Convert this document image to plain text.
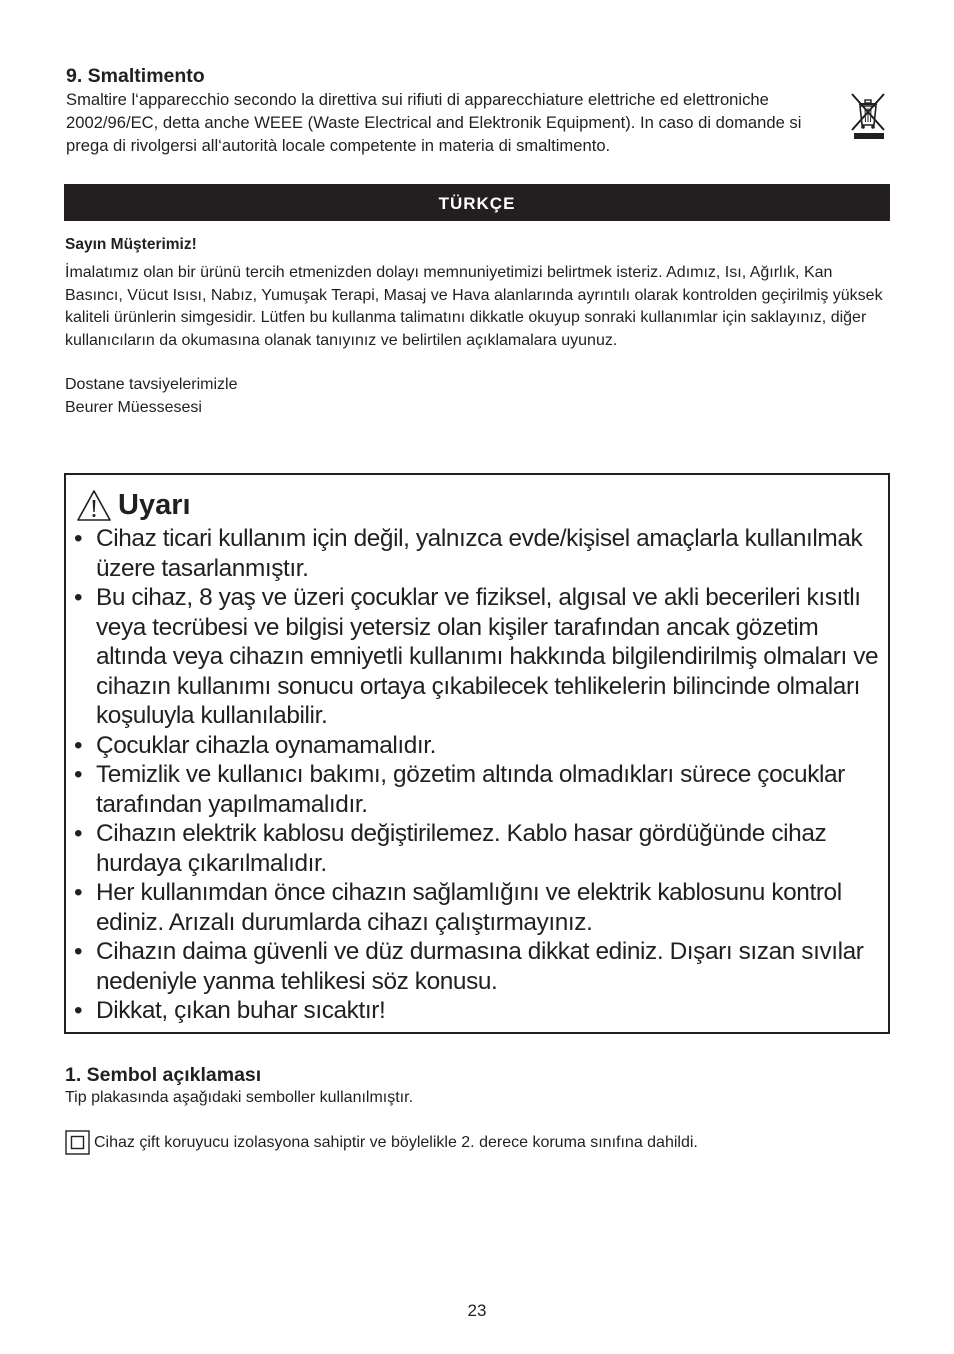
9. Smaltimento
Smaltire l‘apparecchio secondo la direttiva sui rifiuti di apparecchiature elettriche ed elettroniche 2002/96/EC, detta anche WEEE (Waste Electrical and Elektronik Equipment). In caso di domande si prega di rivolgersi all‘autorità locale competente in materia di smaltimento.
TÜRKÇE
Sayın Müşterimiz!
İmalatımız olan bir ürünü tercih etmenizden dolayı memnuniyetimizi belirtmek isteriz. Adımız, Isı, Ağırlık, Kan Basıncı, Vücut Isısı, Nabız, Yumuşak Terapi, Masaj ve Hava alanlarında ayrıntılı olarak kontrolden geçirilmiş yüksek kaliteli ürünlerin simgesidir. Lütfen bu kullanma talimatını dikkatle okuyup sonraki kullanımlar için saklayınız, diğer kullanıcıların da okumasına olanak tanıyınız ve belirtilen açıklamalara uyunuz.
Dostane tavsiyelerimizle
Beurer Müessesesi
Uyarı
• Cihaz ticari kullanım için değil, yalnızca evde/kişisel amaçlarla kullanılmak üzere tasarlanmıştır.
• Bu cihaz, 8 yaş ve üzeri çocuklar ve fiziksel, algısal ve akli becerileri kısıtlı veya tecrübesi ve bilgisi yetersiz olan kişiler tarafından ancak gözetim altında veya cihazın emniyetli kullanımı hakkında bilgilendirilmiş olmaları ve cihazın kullanımı sonucu ortaya çıkabilecek tehlikelerin bilincinde olmaları koşuluyla kullanılabilir.
• Çocuklar cihazla oynamamalıdır.
• Temizlik ve kullanıcı bakımı, gözetim altında olmadıkları sürece çocuklar tarafından yapılmamalıdır.
• Cihazın elektrik kablosu değiştirilemez. Kablo hasar gördüğünde cihaz hurdaya çıkarılmalıdır.
• Her kullanımdan önce cihazın sağlamlığını ve elektrik kablosunu kontrol ediniz. Arızalı durumlarda cihazı çalıştırmayınız.
• Cihazın daima güvenli ve düz durmasına dikkat ediniz. Dışarı sızan sıvılar nedeniyle yanma tehlikesi söz konusu.
• Dikkat, çıkan buhar sıcaktır!
1. Sembol açıklaması
Tip plakasında aşağıdaki semboller kullanılmıştır.
Cihaz çift koruyucu izolasyona sahiptir ve böylelikle 2. derece koruma sınıfına dahildi.
23
